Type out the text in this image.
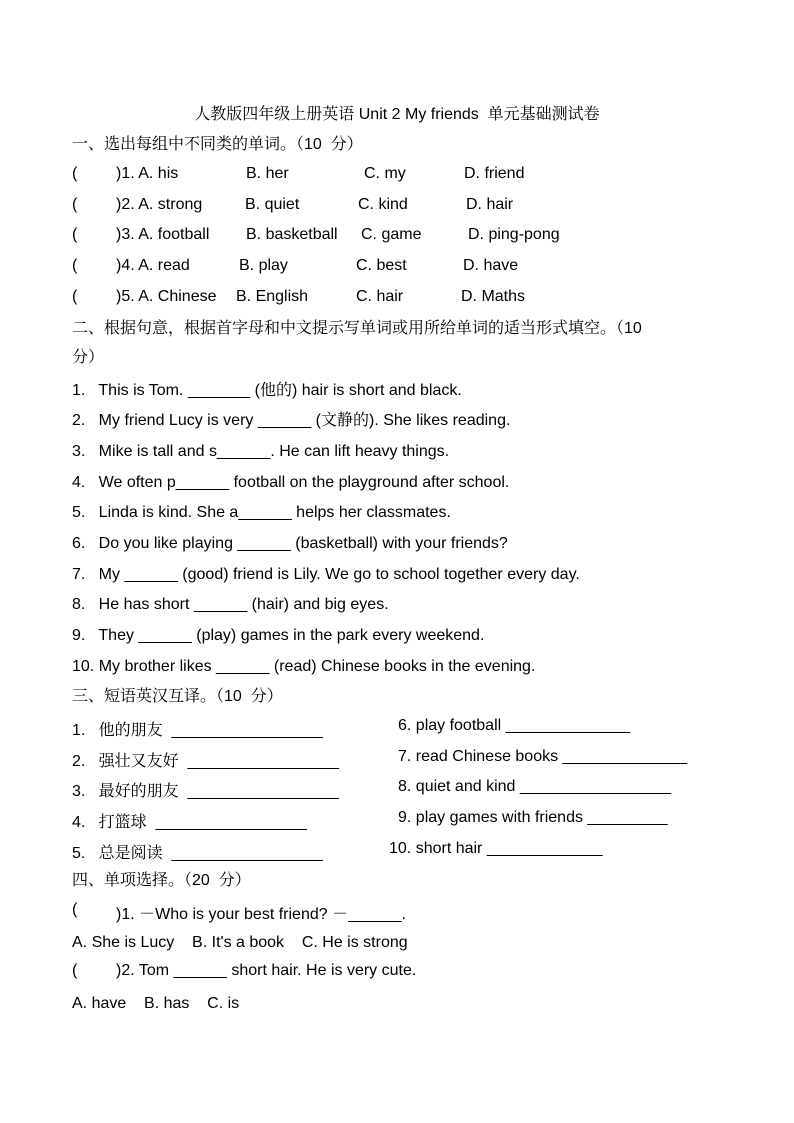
人教版四年级上册英语 Unit 2 My friends  单元基础测试卷
一、选出每组中不同类的单词。（10  分）
( )1. A. his	B. her	C. my	D. friend
( )2. A. strong	B. quiet	C. kind	D. hair
( )3. A. football B. basketball C. game	D. ping-pong
( )4. A. read	B. play	C. best	D. have
( )5. A. Chinese B. English	C. hair	D. Maths
二、根据句意，根据首字母和中文提示写单词或用所给单词的适当形式填空。（10
分）
1.   This is Tom. _______ (他的) hair is short and black.
2.   My friend Lucy is very ______ (文静的). She likes reading.
3.   Mike is tall and s______. He can lift heavy things.
4.   We often p______ football on the playground after school.
5.   Linda is kind. She a______ helps her classmates.
6.   Do you like playing ______ (basketball) with your friends?
7.   My ______ (good) friend is Lily. We go to school together every day.
8.   He has short ______ (hair) and big eyes.
9.   They ______ (play) games in the park every weekend.
10. My brother likes ______ (read) Chinese books in the evening.
三、短语英汉互译。（10  分）
1.   他的朋友  _________________
2.   强壮又友好  _________________
3.   最好的朋友  _________________
4.   打篮球  _________________
5.   总是阅读  _________________
6. play football ______________
7. read Chinese books ______________
8. quiet and kind _________________
9. play games with friends _________
10. short hair _____________
四、单项选择。（20  分）
( )1. －Who is your best friend? －______.
A. She is Lucy    B. It's a book    C. He is strong
( )2. Tom ______ short hair. He is very cute.
A. have    B. has    C. is
